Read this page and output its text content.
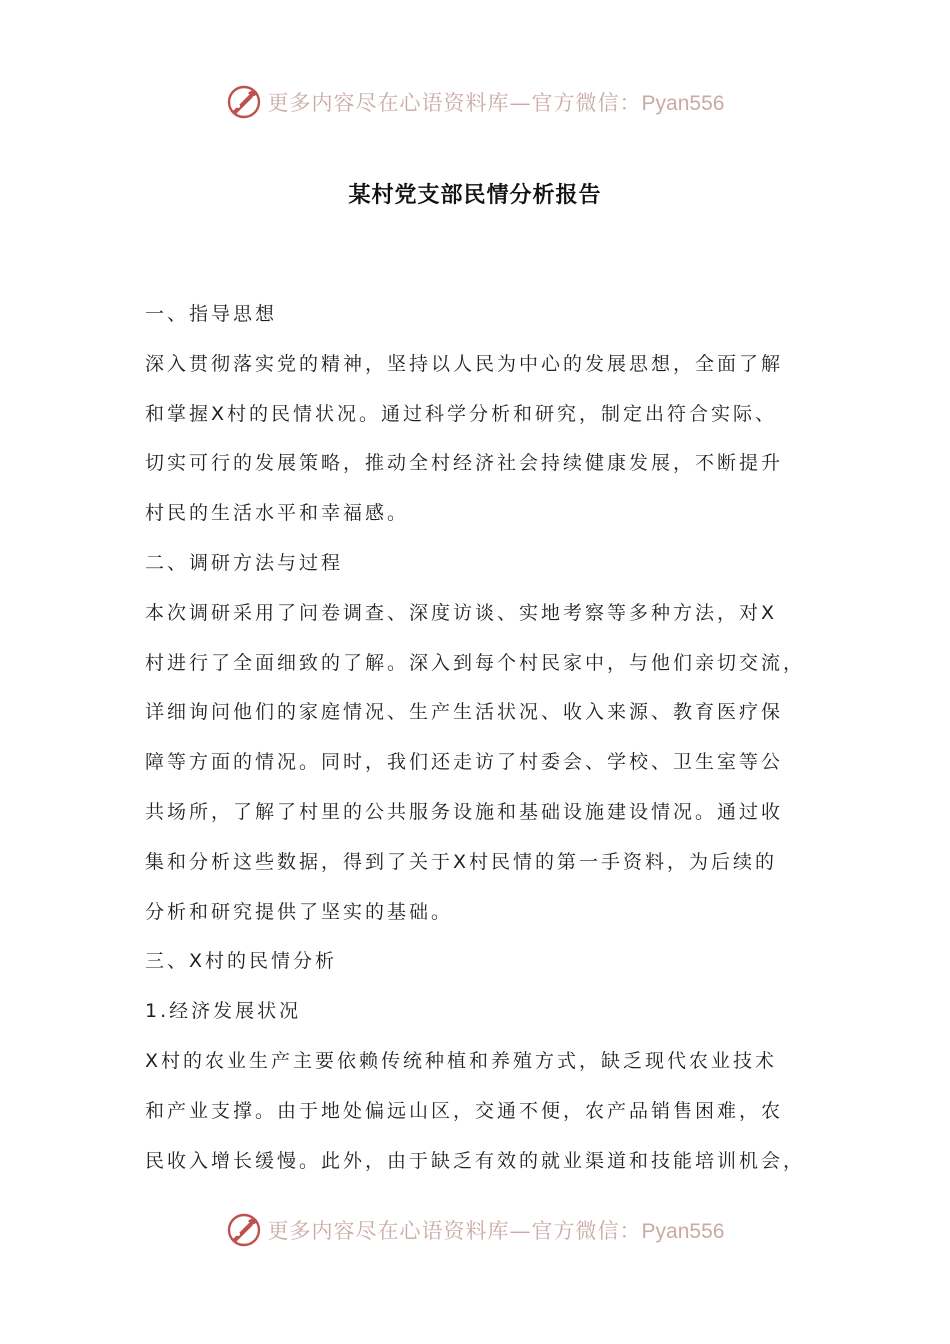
更多内容尽在心语资料库—官方微信：Pyan556
某村党支部民情分析报告
一、指导思想
深入贯彻落实党的精神，坚持以人民为中心的发展思想，全面了解
和掌握X村的民情状况。通过科学分析和研究，制定出符合实际、
切实可行的发展策略，推动全村经济社会持续健康发展，不断提升
村民的生活水平和幸福感。
二、调研方法与过程
本次调研采用了问卷调查、深度访谈、实地考察等多种方法，对X
村进行了全面细致的了解。深入到每个村民家中，与他们亲切交流，
详细询问他们的家庭情况、生产生活状况、收入来源、教育医疗保
障等方面的情况。同时，我们还走访了村委会、学校、卫生室等公
共场所，了解了村里的公共服务设施和基础设施建设情况。通过收
集和分析这些数据，得到了关于X村民情的第一手资料，为后续的
分析和研究提供了坚实的基础。
三、X村的民情分析
1.经济发展状况
X村的农业生产主要依赖传统种植和养殖方式，缺乏现代农业技术
和产业支撑。由于地处偏远山区，交通不便，农产品销售困难，农
民收入增长缓慢。此外，由于缺乏有效的就业渠道和技能培训机会，
更多内容尽在心语资料库—官方微信：Pyan556
